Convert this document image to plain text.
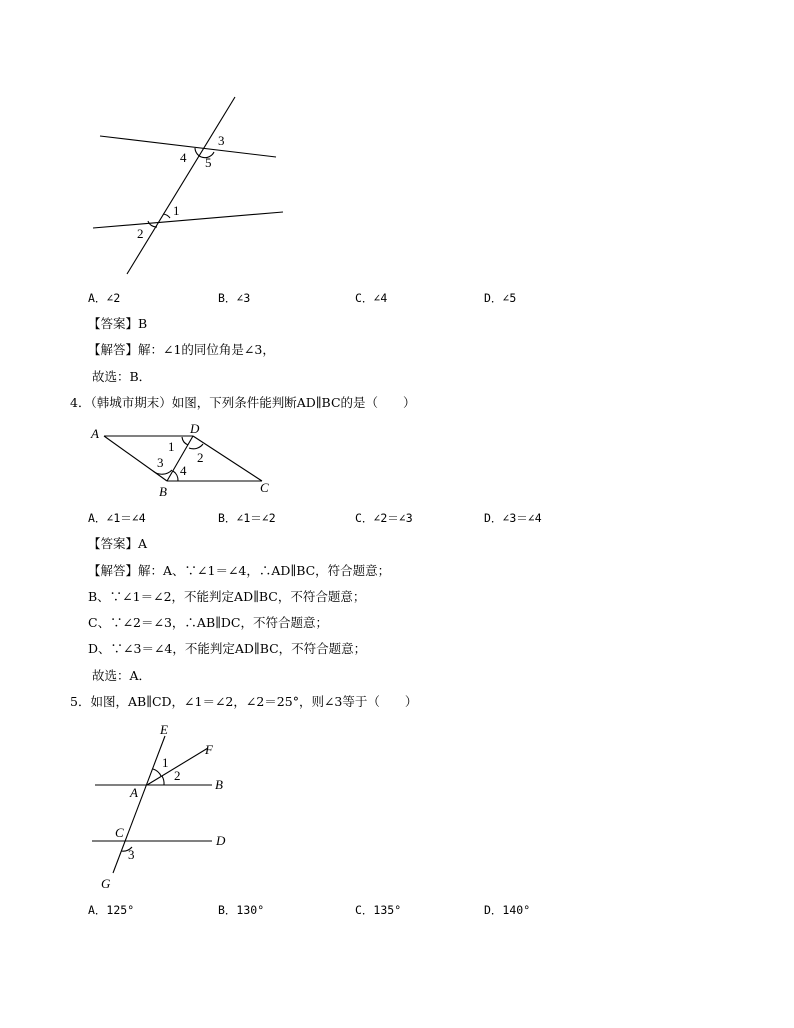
3
4 5
1
2
A．∠2	B．∠3	C．∠4	D．∠5
【答案】B
【解答】解：∠1的同位角是∠3，
故选：B．
4．（韩城市期末）如图，下列条件能判断AD∥BC的是（　　）
A	D
1
2
3
4
B	C
A．∠1＝∠4	B．∠1＝∠2	C．∠2＝∠3	D．∠3＝∠4
【答案】A
【解答】解：A、∵∠1＝∠4，∴AD∥BC，符合题意；
B、∵∠1＝∠2，不能判定AD∥BC，不符合题意；
C、∵∠2＝∠3，∴AB∥DC，不符合题意；
D、∵∠3＝∠4，不能判定AD∥BC，不符合题意；
故选：A．
5．如图，AB∥CD，∠1＝∠2，∠2＝25°，则∠3等于（　　）
E
F
1
2
B
A
C
D
3
G
A．125°	B．130°	C．135°	D．140°
